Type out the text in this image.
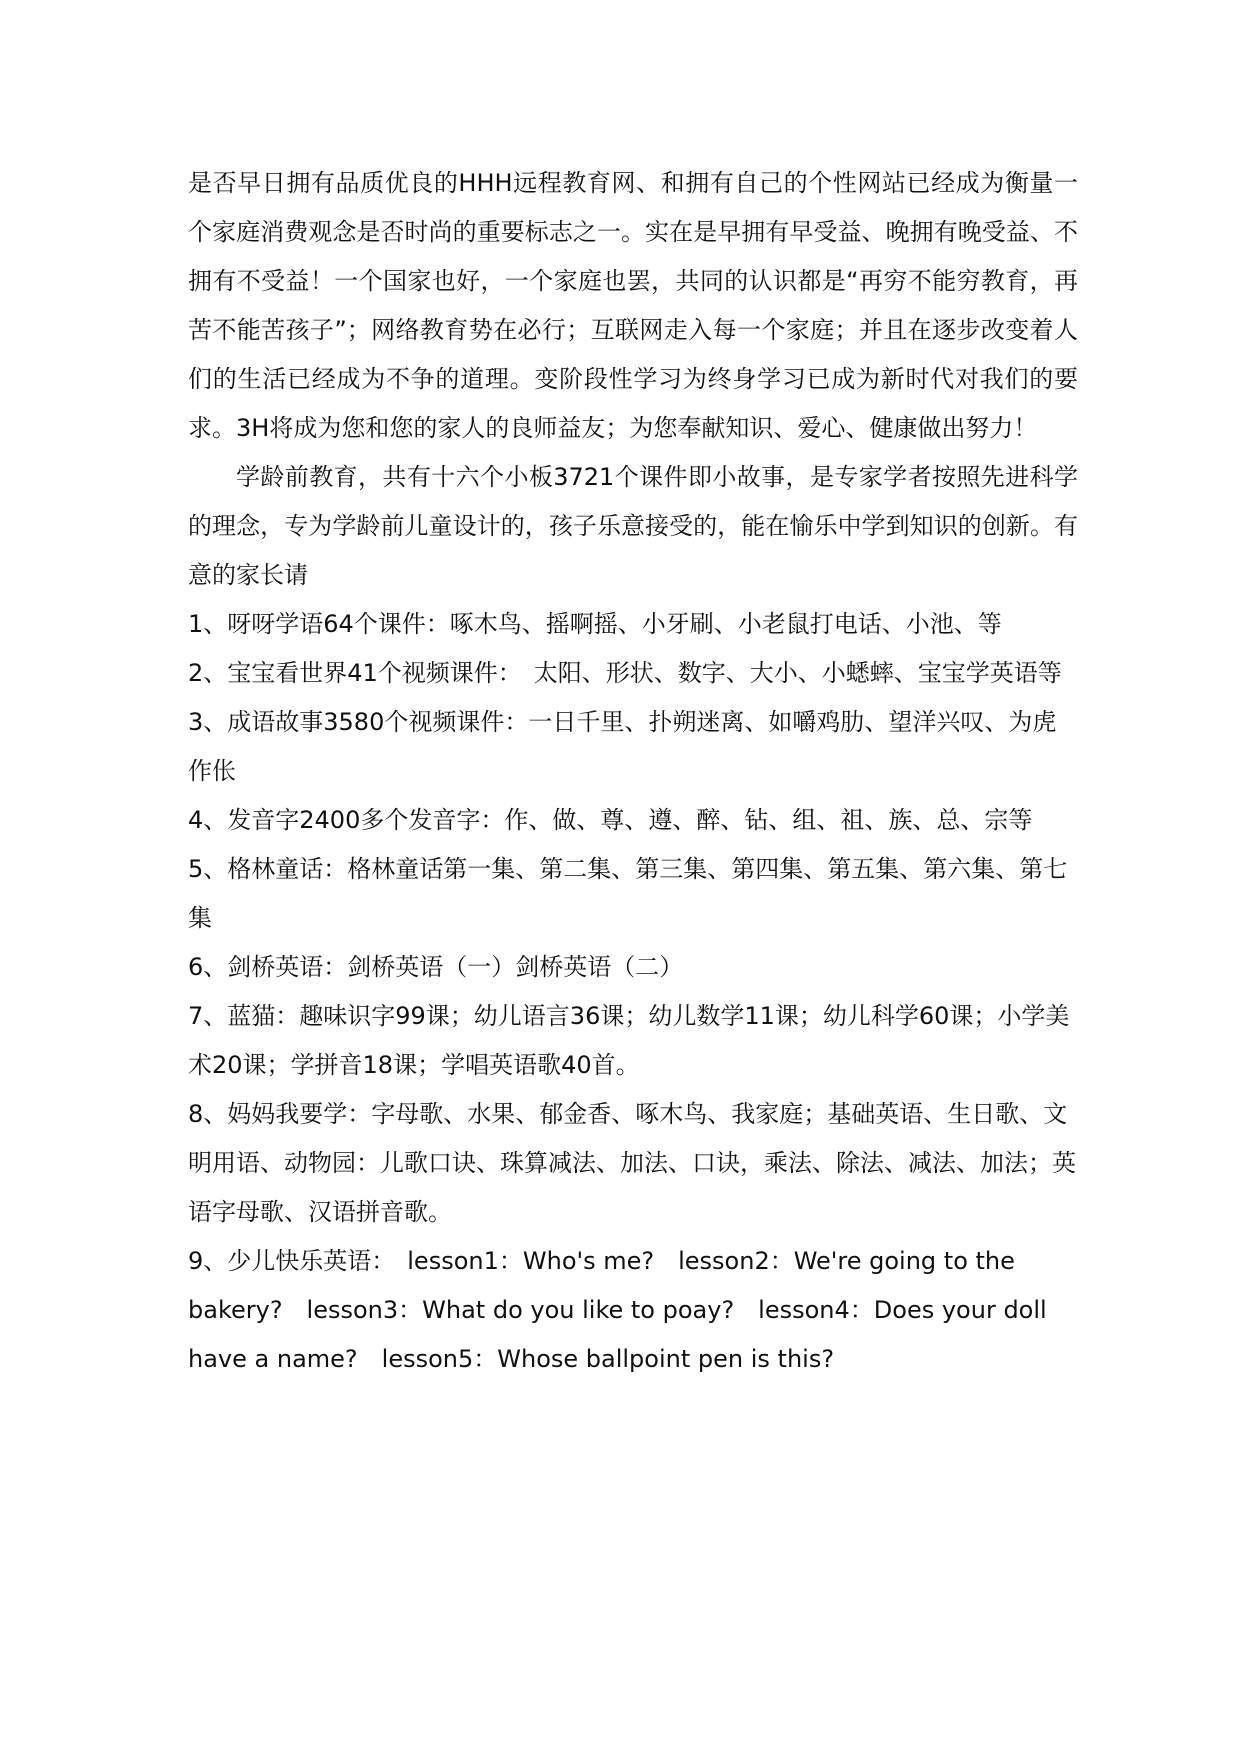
是否早日拥有品质优良的HHH远程教育网、和拥有自己的个性网站已经成为衡量一个家庭消费观念是否时尚的重要标志之一。实在是早拥有早受益、晚拥有晚受益、不拥有不受益！一个国家也好，一个家庭也罢，共同的认识都是“再穷不能穷教育，再苦不能苦孩子”；网络教育势在必行；互联网走入每一个家庭；并且在逐步改变着人们的生活已经成为不争的道理。变阶段性学习为终身学习已成为新时代对我们的要求。3H将成为您和您的家人的良师益友；为您奉献知识、爱心、健康做出努力！

学龄前教育，共有十六个小板3721个课件即小故事，是专家学者按照先进科学的理念，专为学龄前儿童设计的，孩子乐意接受的，能在愉乐中学到知识的创新。有意的家长请

1、呀呀学语64个课件：啄木鸟、摇啊摇、小牙刷、小老鼠打电话、小池、等

2、宝宝看世界41个视频课件：　太阳、形状、数字、大小、小蟋蟀、宝宝学英语等

3、成语故事3580个视频课件：一日千里、扑朔迷离、如嚼鸡肋、望洋兴叹、为虎作伥

4、发音字2400多个发音字：作、做、尊、遵、醉、钻、组、祖、族、总、宗等

5、格林童话：格林童话第一集、第二集、第三集、第四集、第五集、第六集、第七集

6、剑桥英语：剑桥英语（一）剑桥英语（二）

7、蓝猫：趣味识字99课；幼儿语言36课；幼儿数学11课；幼儿科学60课；小学美术20课；学拼音18课；学唱英语歌40首。

8、妈妈我要学：字母歌、水果、郁金香、啄木鸟、我家庭；基础英语、生日歌、文明用语、动物园：儿歌口诀、珠算减法、加法、口诀，乘法、除法、减法、加法；英语字母歌、汉语拼音歌。

9、少儿快乐英语：　lesson1：Who's me?　lesson2：We're going to the bakery?　lesson3：What do you like to poay?　lesson4：Does your doll have a name?　lesson5：Whose ballpoint pen is this?
